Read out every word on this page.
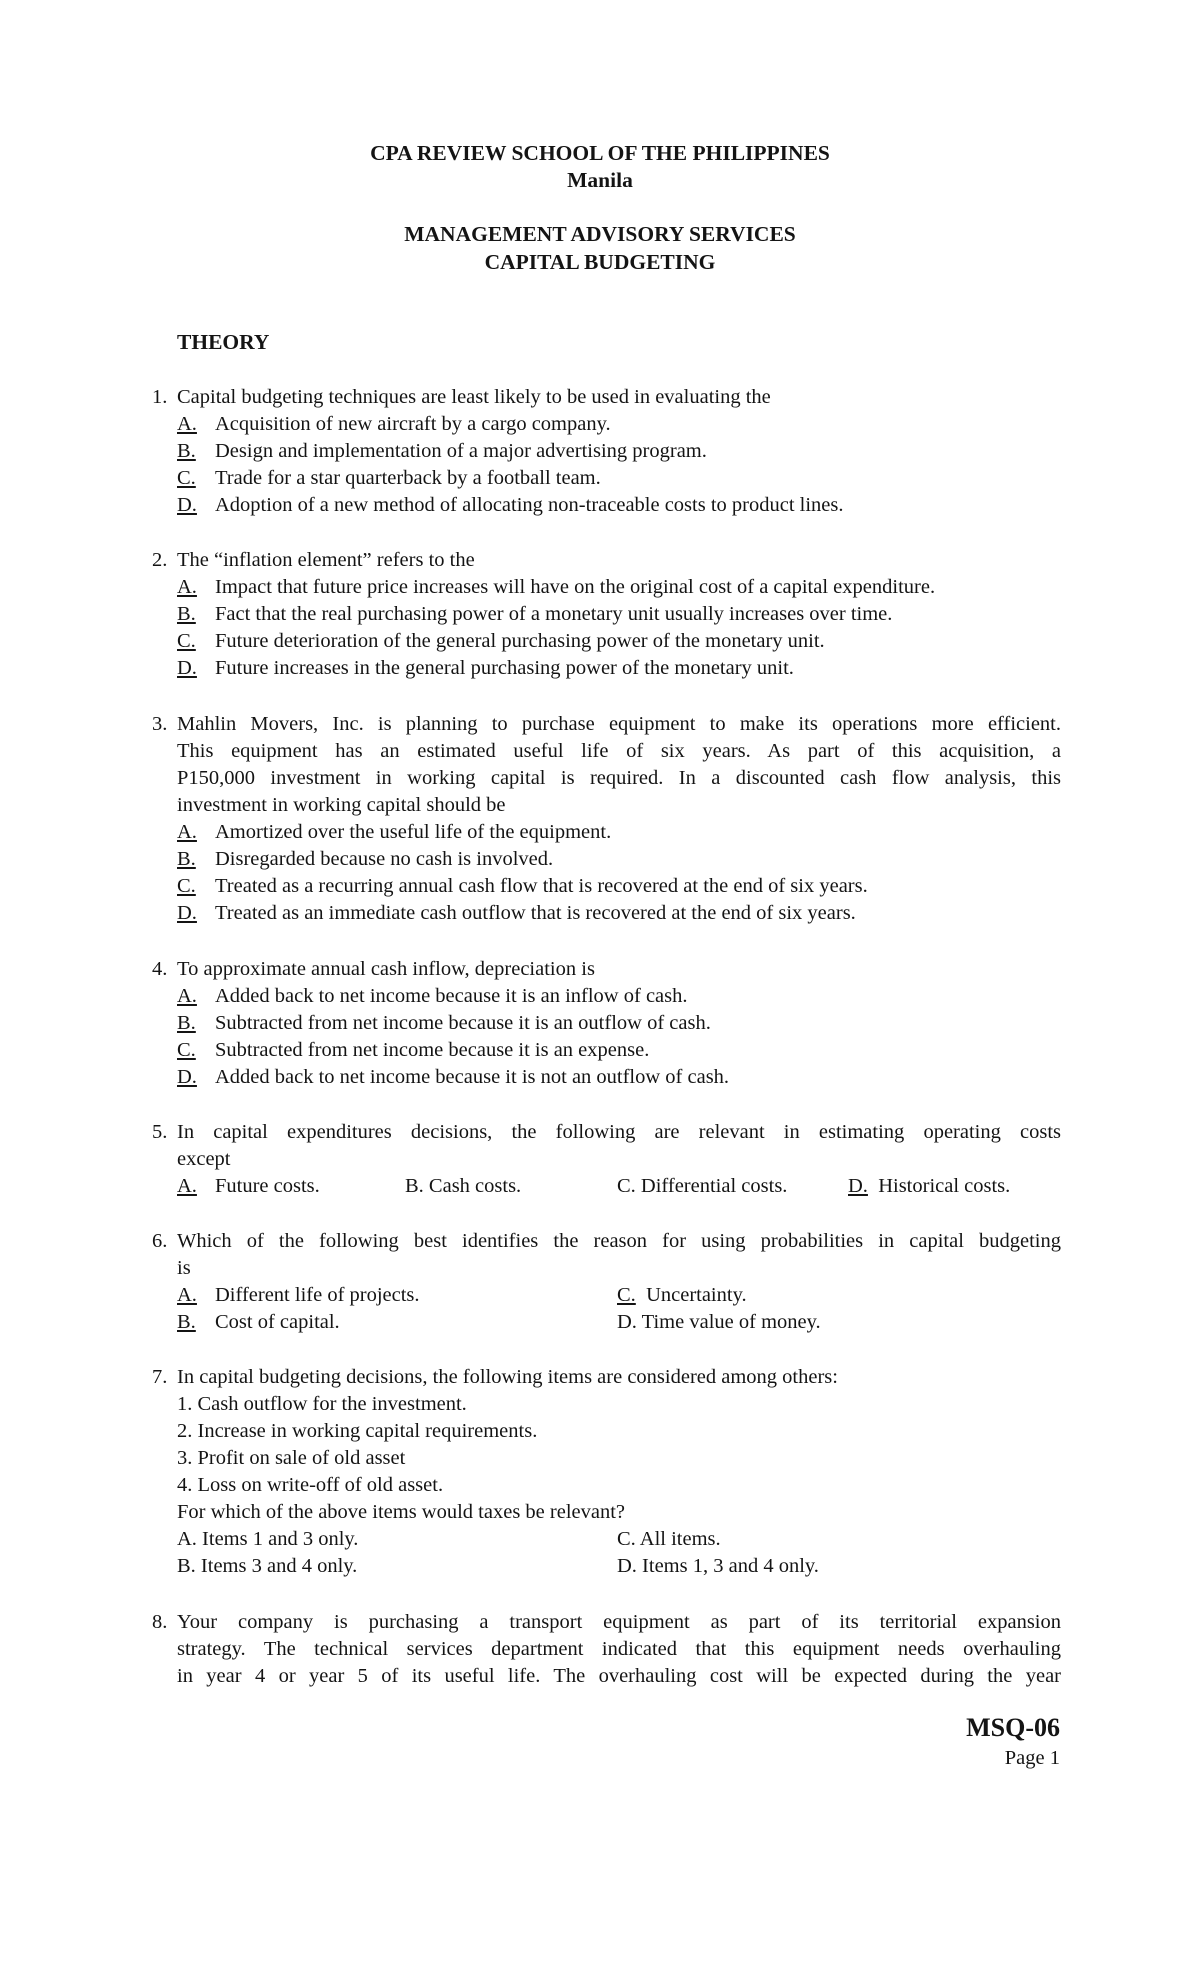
CPA REVIEW SCHOOL OF THE PHILIPPINES
Manila
MANAGEMENT ADVISORY SERVICES
CAPITAL BUDGETING
THEORY
1. Capital budgeting techniques are least likely to be used in evaluating the
A. Acquisition of new aircraft by a cargo company.
B. Design and implementation of a major advertising program.
C. Trade for a star quarterback by a football team.
D. Adoption of a new method of allocating non-traceable costs to product lines.
2. The “inflation element” refers to the
A. Impact that future price increases will have on the original cost of a capital expenditure.
B. Fact that the real purchasing power of a monetary unit usually increases over time.
C. Future deterioration of the general purchasing power of the monetary unit.
D. Future increases in the general purchasing power of the monetary unit.
3. Mahlin Movers, Inc. is planning to purchase equipment to make its operations more efficient.
This equipment has an estimated useful life of six years. As part of this acquisition, a
P150,000 investment in working capital is required. In a discounted cash flow analysis, this
investment in working capital should be
A. Amortized over the useful life of the equipment.
B. Disregarded because no cash is involved.
C. Treated as a recurring annual cash flow that is recovered at the end of six years.
D. Treated as an immediate cash outflow that is recovered at the end of six years.
4. To approximate annual cash inflow, depreciation is
A. Added back to net income because it is an inflow of cash.
B. Subtracted from net income because it is an outflow of cash.
C. Subtracted from net income because it is an expense.
D. Added back to net income because it is not an outflow of cash.
5. In capital expenditures decisions, the following are relevant in estimating operating costs
except
A. Future costs.	B. Cash costs.	C. Differential costs.	D. Historical costs.
6. Which of the following best identifies the reason for using probabilities in capital budgeting
is
A. Different life of projects.	C. Uncertainty.
B. Cost of capital.	D. Time value of money.
7. In capital budgeting decisions, the following items are considered among others:
1. Cash outflow for the investment.
2. Increase in working capital requirements.
3. Profit on sale of old asset
4. Loss on write-off of old asset.
For which of the above items would taxes be relevant?
A. Items 1 and 3 only.	C. All items.
B. Items 3 and 4 only.	D. Items 1, 3 and 4 only.
8. Your company is purchasing a transport equipment as part of its territorial expansion
strategy. The technical services department indicated that this equipment needs overhauling
in year 4 or year 5 of its useful life. The overhauling cost will be expected during the year
MSQ-06
Page 1
